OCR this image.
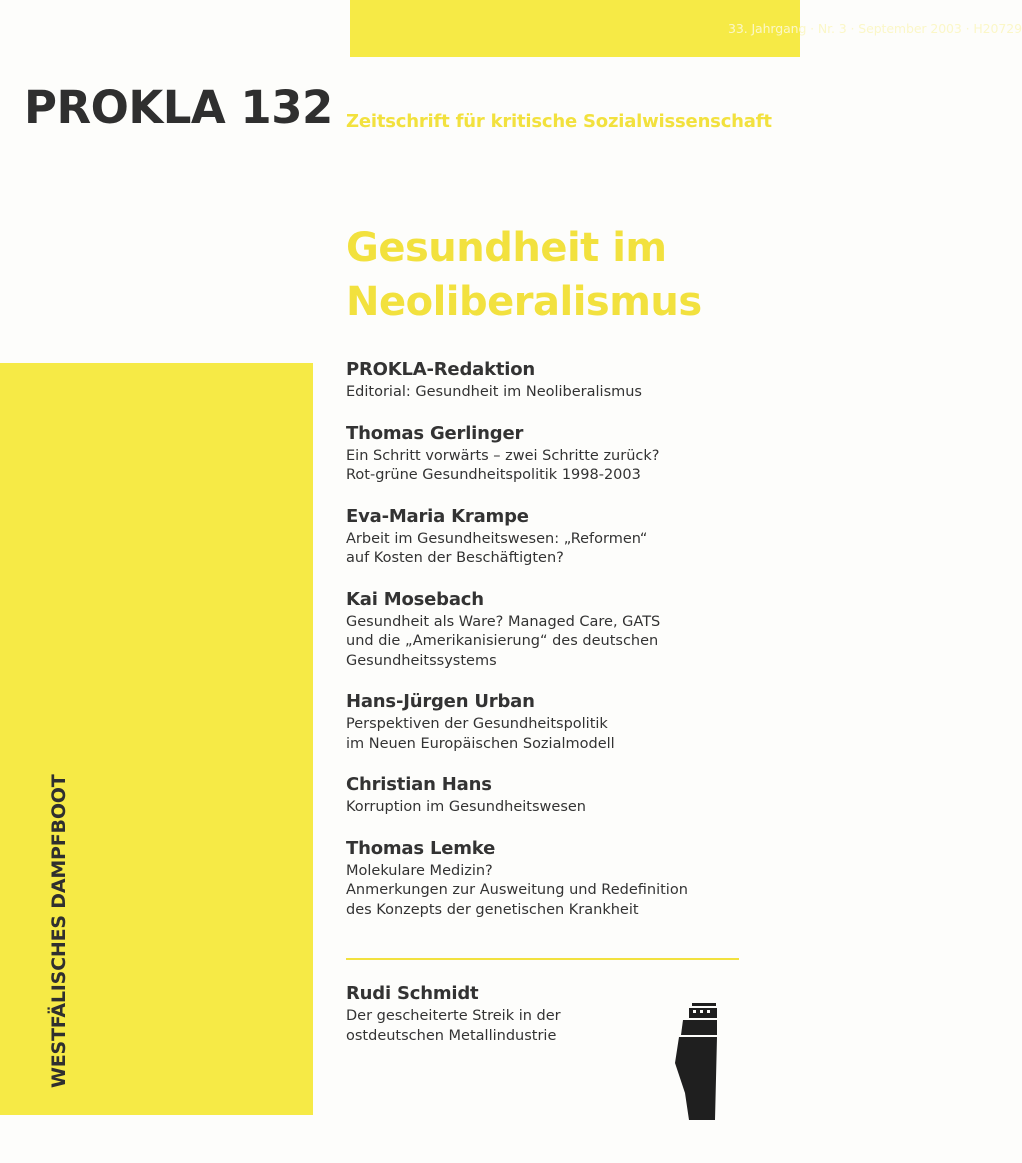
33. Jahrgang · Nr. 3 · September 2003 · H20729
PROKLA 132 Zeitschrift für kritische Sozialwissenschaft
Gesundheit im
Neoliberalismus
WESTFÄLISCHES DAMPFBOOT
PROKLA-Redaktion
Editorial: Gesundheit im Neoliberalismus
Thomas Gerlinger
Ein Schritt vorwärts – zwei Schritte zurück?
Rot-grüne Gesundheitspolitik 1998-2003
Eva-Maria Krampe
Arbeit im Gesundheitswesen: „Reformen“
auf Kosten der Beschäftigten?
Kai Mosebach
Gesundheit als Ware? Managed Care, GATS
und die „Amerikanisierung“ des deutschen
Gesundheitssystems
Hans-Jürgen Urban
Perspektiven der Gesundheitspolitik
im Neuen Europäischen Sozialmodell
Christian Hans
Korruption im Gesundheitswesen
Thomas Lemke
Molekulare Medizin?
Anmerkungen zur Ausweitung und Redefinition
des Konzepts der genetischen Krankheit
Rudi Schmidt
Der gescheiterte Streik in der
ostdeutschen Metallindustrie
